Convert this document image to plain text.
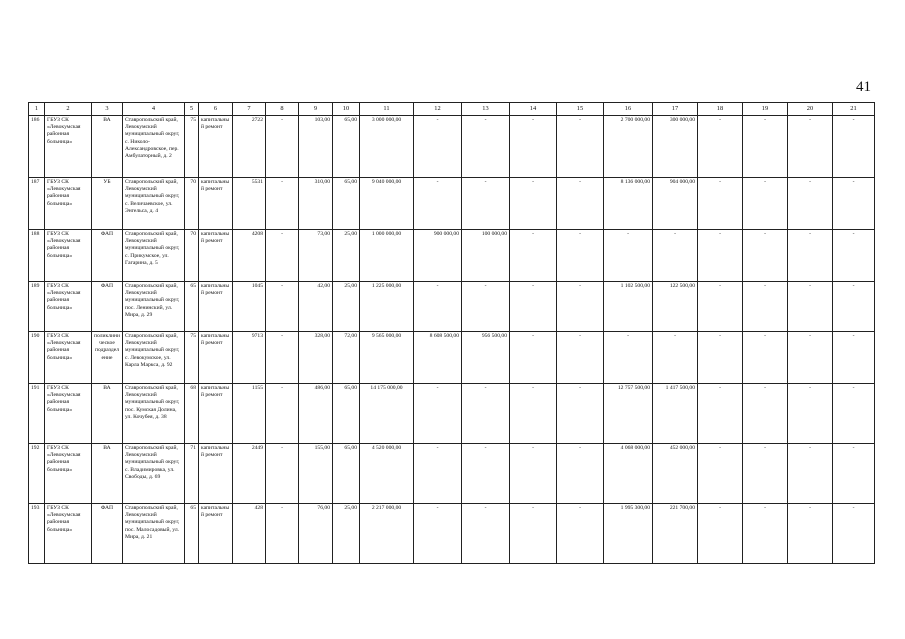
41
1	2	3	4	5	6	7	8	9	10	11	12	13	14	15	16	17	18	19	20	21

186	ГБУЗ СК «Левокумская районная больница»	ВА	Ставропольский край, Левокумский муниципальный округ, с. Николо-Александровское, пер. Амбулаторный, д. 2	75	капитальный ремонт	2722	-	103,00	65,00	3 000 000,00	-	-	-	-	2 700 000,00	300 000,00	-	-	-	-

187	ГБУЗ СК «Левокумская районная больница»	УБ	Ставропольский край, Левокумский муниципальный округ, с. Величаевское, ул. Энгельса, д. 4	70	капитальный ремонт	5531	-	310,00	65,00	9 040 000,00	-	-	-	-	8 136 000,00	904 000,00	-	-	-	-

188	ГБУЗ СК «Левокумская районная больница»	ФАП	Ставропольский край, Левокумский муниципальный округ, с. Прикумское, ул. Гагарина, д. 5	70	капитальный ремонт	4208	-	73,00	25,00	1 000 000,00	900 000,00	100 000,00	-	-	-	-	-	-	-	-

189	ГБУЗ СК «Левокумская районная больница»	ФАП	Ставропольский край, Левокумский муниципальный округ, пос. Ленинский, ул. Мира, д. 29	65	капитальный ремонт	1045	-	42,00	25,00	1 225 000,00	-	-	-	-	1 102 500,00	122 500,00	-	-	-	-

190	ГБУЗ СК «Левокумская районная больница»	поликлиническое подразделение	Ставропольский край, Левокумский муниципальный округ, с. Левокумское, ул. Карла Маркса, д. 92	75	капитальный ремонт	9713	-	328,00	72,00	9 565 000,00	8 608 500,00	956 500,00	-	-	-	-	-	-	-	-

191	ГБУЗ СК «Левокумская районная больница»	ВА	Ставропольский край, Левокумский муниципальный округ, пос. Кумская Долина, ул. Кочубея, д. 38	68	капитальный ремонт	1155	-	486,00	65,00	14 175 000,00	-	-	-	-	12 757 500,00	1 417 500,00	-	-	-	-

192	ГБУЗ СК «Левокумская районная больница»	ВА	Ставропольский край, Левокумский муниципальный округ, с. Владимировка, ул. Свободы, д. 69	71	капитальный ремонт	2449	-	155,00	65,00	4 520 000,00	-	-	-	-	4 068 000,00	452 000,00	-	-	-	-

193	ГБУЗ СК «Левокумская районная больница»	ФАП	Ставропольский край, Левокумский муниципальный округ, пос. Малосадовый, ул. Мира, д. 21	65	капитальный ремонт	428	-	76,00	25,00	2 217 000,00	-	-	-	-	1 995 300,00	221 700,00	-	-	-	-
